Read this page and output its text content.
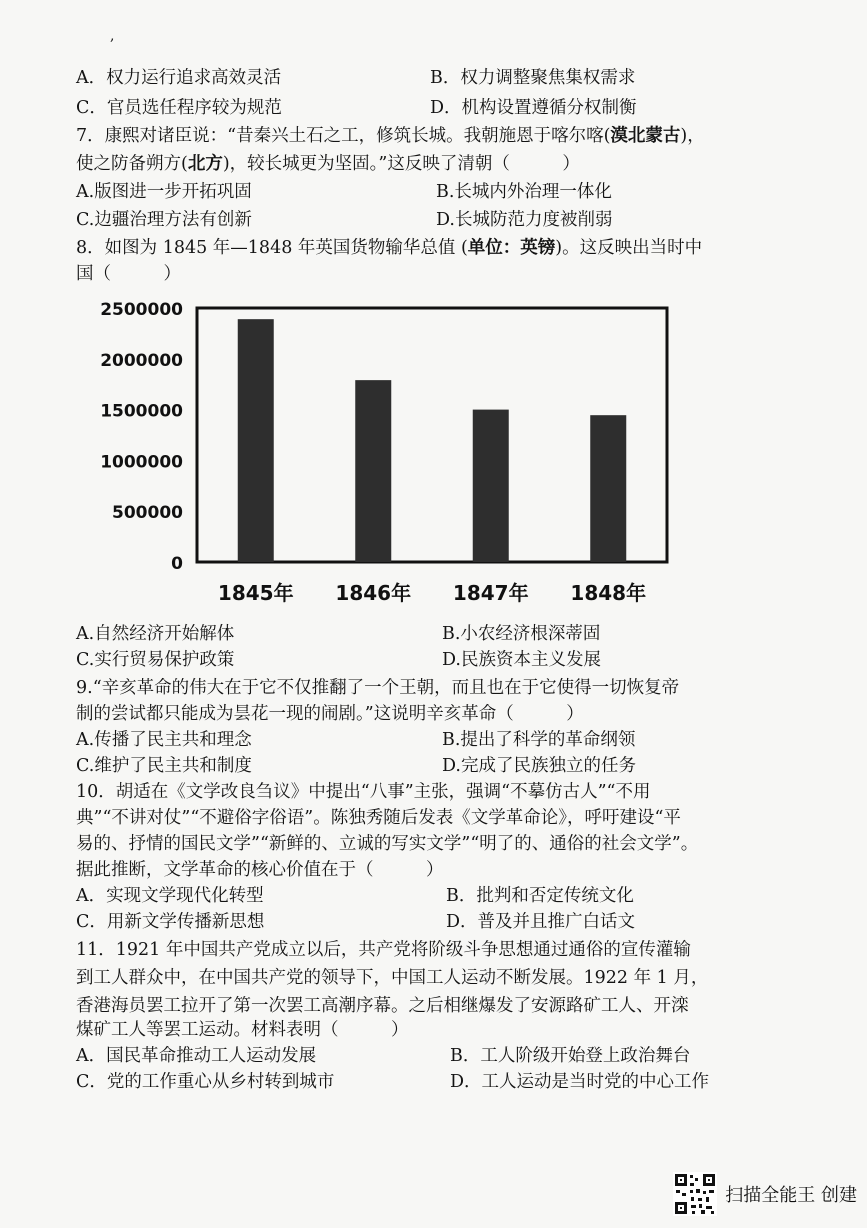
,
A．权力运行追求高效灵活	B．权力调整聚焦集权需求
C．官员选任程序较为规范	D．机构设置遵循分权制衡
7．康熙对诸臣说：“昔秦兴土石之工，修筑长城。我朝施恩于喀尔喀(漠北蒙古)，
使之防备朔方(北方)，较长城更为坚固。”这反映了清朝（　　　）
A.版图进一步开拓巩固	B.长城内外治理一体化
C.边疆治理方法有创新	D.长城防范力度被削弱
8．如图为 1845 年—1848 年英国货物输华总值 (单位：英镑)。这反映出当时中
国（　　　）
2500000
2000000
1500000
1000000
500000
0
1845年 1846年 1847年 1848年
A.自然经济开始解体	B.小农经济根深蒂固
C.实行贸易保护政策	D.民族资本主义发展
9.“辛亥革命的伟大在于它不仅推翻了一个王朝，而且也在于它使得一切恢复帝
制的尝试都只能成为昙花一现的闹剧。”这说明辛亥革命（　　　）
A.传播了民主共和理念	B.提出了科学的革命纲领
C.维护了民主共和制度	D.完成了民族独立的任务
10．胡适在《文学改良刍议》中提出“八事”主张，强调“不摹仿古人”“不用
典”“不讲对仗”“不避俗字俗语”。陈独秀随后发表《文学革命论》，呼吁建设“平
易的、抒情的国民文学”“新鲜的、立诚的写实文学”“明了的、通俗的社会文学”。
据此推断，文学革命的核心价值在于（　　　）
A．实现文学现代化转型	B．批判和否定传统文化
C．用新文学传播新思想	D．普及并且推广白话文
11．1921 年中国共产党成立以后，共产党将阶级斗争思想通过通俗的宣传灌输
到工人群众中，在中国共产党的领导下，中国工人运动不断发展。1922 年 1 月，
香港海员罢工拉开了第一次罢工高潮序幕。之后相继爆发了安源路矿工人、开滦
煤矿工人等罢工运动。材料表明（　　　）
A．国民革命推动工人运动发展	B．工人阶级开始登上政治舞台
C．党的工作重心从乡村转到城市	D．工人运动是当时党的中心工作
扫描全能王 创建
